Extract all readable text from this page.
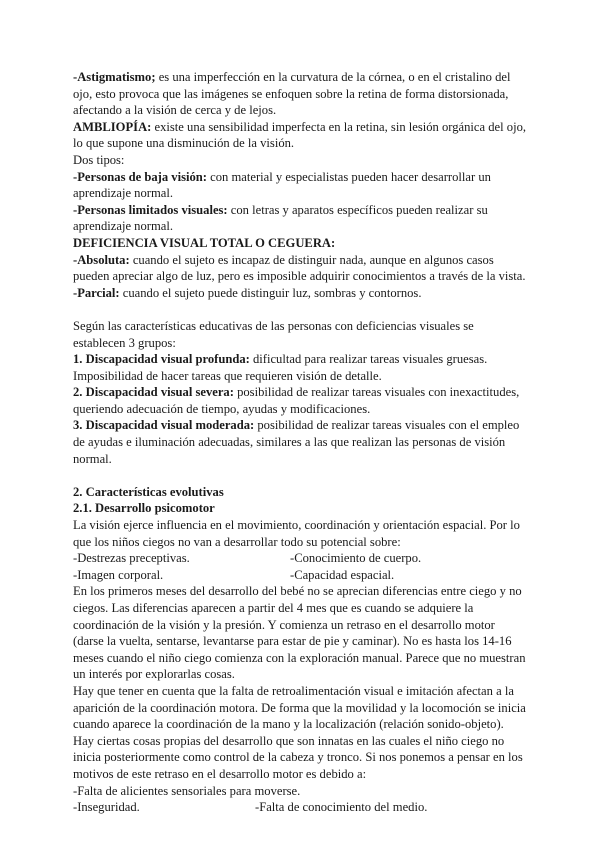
-Astigmatismo; es una imperfección en la curvatura de la córnea, o en el cristalino del ojo, esto provoca que las imágenes se enfoquen sobre la retina de forma distorsionada, afectando a la visión de cerca y de lejos.

AMBLIOPÍA: existe una sensibilidad imperfecta en la retina, sin lesión orgánica del ojo, lo que supone una disminución de la visión.

Dos tipos:

-Personas de baja visión: con material y especialistas pueden hacer desarrollar un aprendizaje normal.

-Personas limitados visuales: con letras y aparatos específicos pueden realizar su aprendizaje normal.

DEFICIENCIA VISUAL TOTAL O CEGUERA:

-Absoluta: cuando el sujeto es incapaz de distinguir nada, aunque en algunos casos pueden apreciar algo de luz, pero es imposible adquirir conocimientos a través de la vista.

-Parcial: cuando el sujeto puede distinguir luz, sombras y contornos.

Según las características educativas de las personas con deficiencias visuales se establecen 3 grupos:

1. Discapacidad visual profunda: dificultad para realizar tareas visuales gruesas. Imposibilidad de hacer tareas que requieren visión de detalle.

2. Discapacidad visual severa: posibilidad de realizar tareas visuales con inexactitudes, queriendo adecuación de tiempo, ayudas y modificaciones.

3. Discapacidad visual moderada: posibilidad de realizar tareas visuales con el empleo de ayudas e iluminación adecuadas, similares a las que realizan las personas de visión normal.

2. Características evolutivas

2.1. Desarrollo psicomotor

La visión ejerce influencia en el movimiento, coordinación y orientación espacial. Por lo que los niños ciegos no van a desarrollar todo su potencial sobre:

-Destrezas preceptivas.	-Conocimiento de cuerpo.
-Imagen corporal.	-Capacidad espacial.

En los primeros meses del desarrollo del bebé no se aprecian diferencias entre ciego y no ciegos. Las diferencias aparecen a partir del 4 mes que es cuando se adquiere la coordinación de la visión y la presión. Y comienza un retraso en el desarrollo motor (darse la vuelta, sentarse, levantarse para estar de pie y caminar). No es hasta los 14-16 meses cuando el niño ciego comienza con la exploración manual. Parece que no muestran un interés por explorarlas cosas.

Hay que tener en cuenta que la falta de retroalimentación visual e imitación afectan a la aparición de la coordinación motora. De forma que la movilidad y la locomoción se inicia cuando aparece la coordinación de la mano y la localización (relación sonido-objeto).

Hay ciertas cosas propias del desarrollo que son innatas en las cuales el niño ciego no inicia posteriormente como control de la cabeza y tronco. Si nos ponemos a pensar en los motivos de este retraso en el desarrollo motor es debido a:

-Falta de alicientes sensoriales para moverse.

-Inseguridad.	-Falta de conocimiento del medio.
